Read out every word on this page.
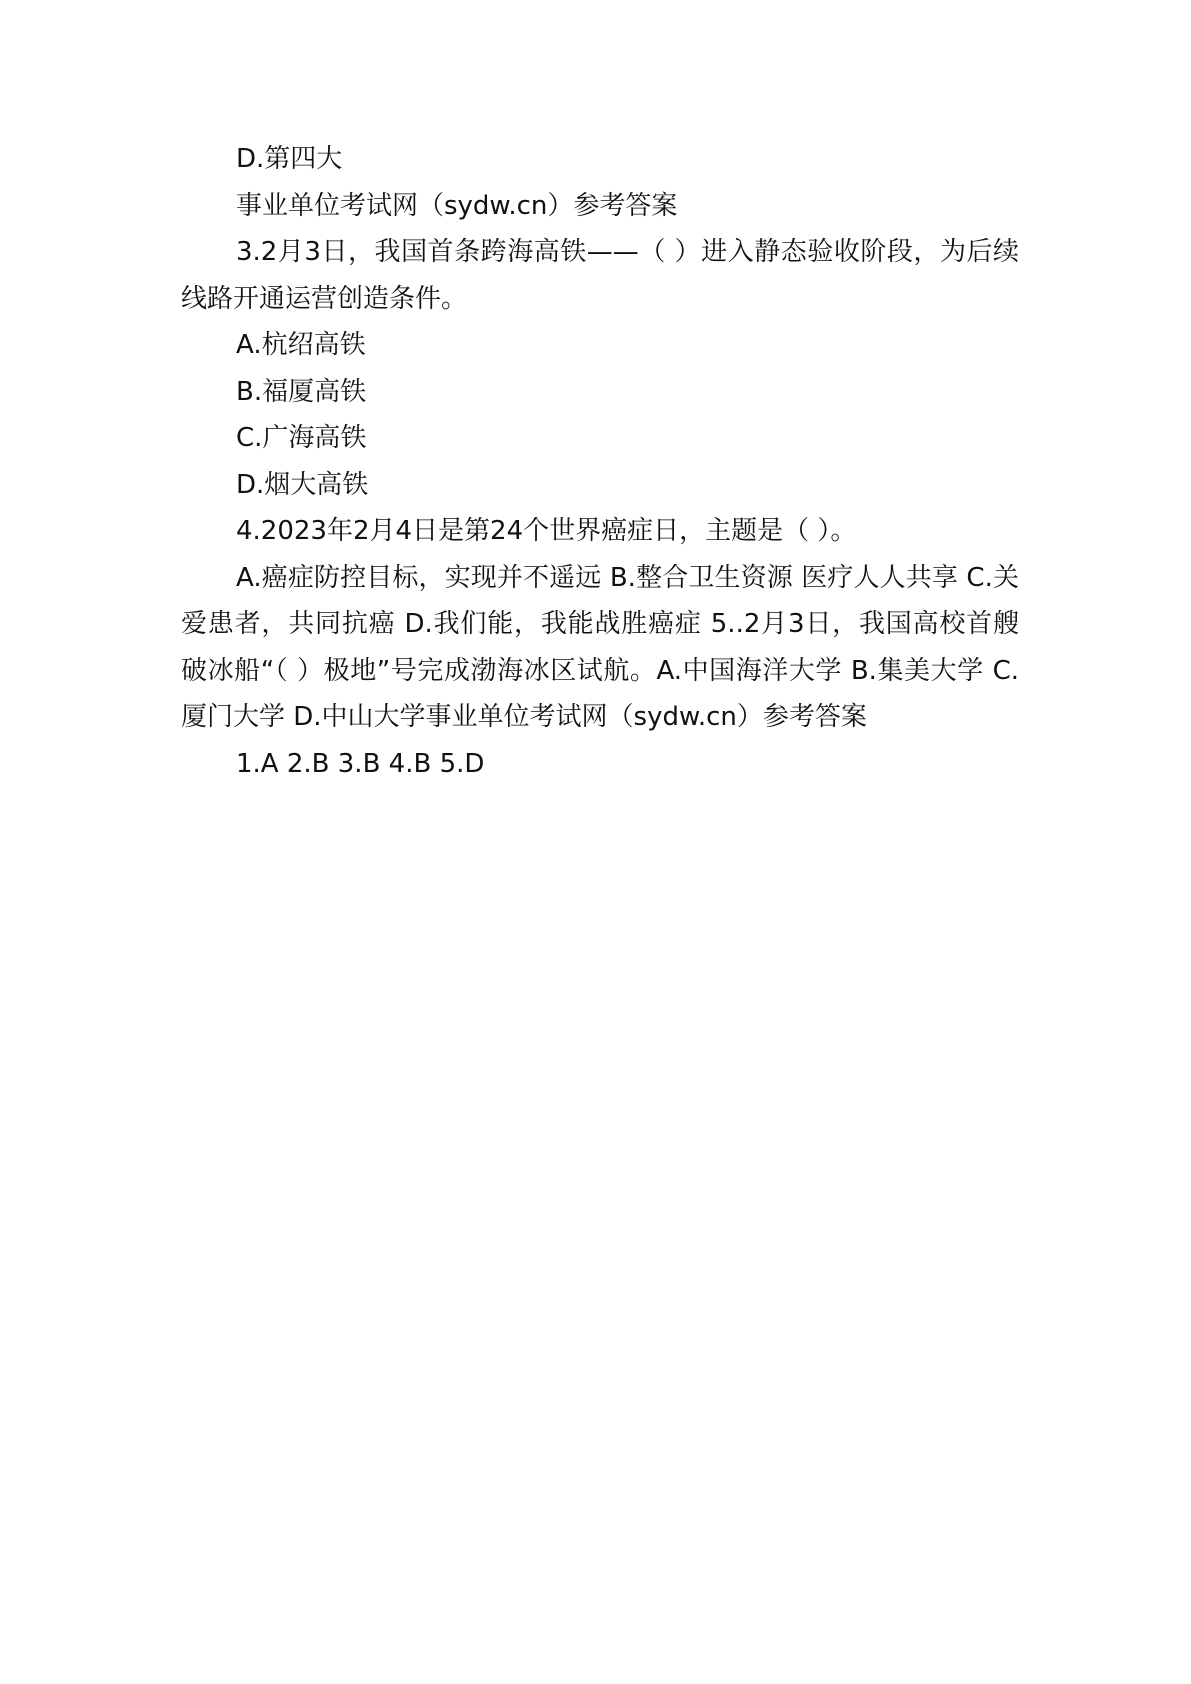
D.第四大

事业单位考试网（sydw.cn）参考答案

3.2月3日，我国首条跨海高铁——（ ）进入静态验收阶段，为后续线路开通运营创造条件。

A.杭绍高铁

B.福厦高铁

C.广海高铁

D.烟大高铁

4.2023年2月4日是第24个世界癌症日，主题是（ ）。

A.癌症防控目标，实现并不遥远 B.整合卫生资源 医疗人人共享 C.关爱患者，共同抗癌 D.我们能，我能战胜癌症 5..2月3日，我国高校首艘破冰船“（ ）极地”号完成渤海冰区试航。A.中国海洋大学 B.集美大学 C.厦门大学 D.中山大学事业单位考试网（sydw.cn）参考答案

1.A 2.B 3.B 4.B 5.D
